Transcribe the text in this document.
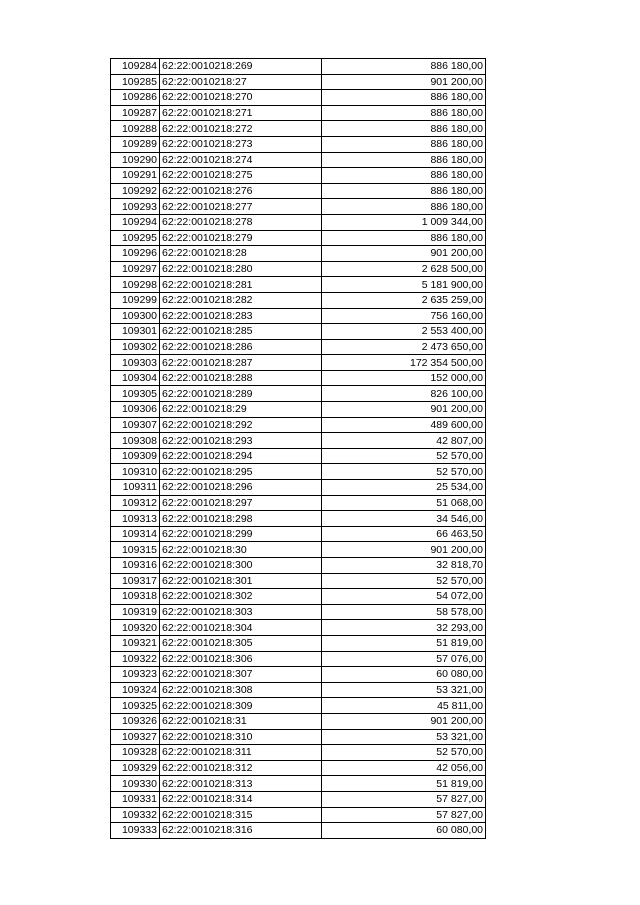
109284	62:22:0010218:269	886 180,00
109285	62:22:0010218:27	901 200,00
109286	62:22:0010218:270	886 180,00
109287	62:22:0010218:271	886 180,00
109288	62:22:0010218:272	886 180,00
109289	62:22:0010218:273	886 180,00
109290	62:22:0010218:274	886 180,00
109291	62:22:0010218:275	886 180,00
109292	62:22:0010218:276	886 180,00
109293	62:22:0010218:277	886 180,00
109294	62:22:0010218:278	1 009 344,00
109295	62:22:0010218:279	886 180,00
109296	62:22:0010218:28	901 200,00
109297	62:22:0010218:280	2 628 500,00
109298	62:22:0010218:281	5 181 900,00
109299	62:22:0010218:282	2 635 259,00
109300	62:22:0010218:283	756 160,00
109301	62:22:0010218:285	2 553 400,00
109302	62:22:0010218:286	2 473 650,00
109303	62:22:0010218:287	172 354 500,00
109304	62:22:0010218:288	152 000,00
109305	62:22:0010218:289	826 100,00
109306	62:22:0010218:29	901 200,00
109307	62:22:0010218:292	489 600,00
109308	62:22:0010218:293	42 807,00
109309	62:22:0010218:294	52 570,00
109310	62:22:0010218:295	52 570,00
109311	62:22:0010218:296	25 534,00
109312	62:22:0010218:297	51 068,00
109313	62:22:0010218:298	34 546,00
109314	62:22:0010218:299	66 463,50
109315	62:22:0010218:30	901 200,00
109316	62:22:0010218:300	32 818,70
109317	62:22:0010218:301	52 570,00
109318	62:22:0010218:302	54 072,00
109319	62:22:0010218:303	58 578,00
109320	62:22:0010218:304	32 293,00
109321	62:22:0010218:305	51 819,00
109322	62:22:0010218:306	57 076,00
109323	62:22:0010218:307	60 080,00
109324	62:22:0010218:308	53 321,00
109325	62:22:0010218:309	45 811,00
109326	62:22:0010218:31	901 200,00
109327	62:22:0010218:310	53 321,00
109328	62:22:0010218:311	52 570,00
109329	62:22:0010218:312	42 056,00
109330	62:22:0010218:313	51 819,00
109331	62:22:0010218:314	57 827,00
109332	62:22:0010218:315	57 827,00
109333	62:22:0010218:316	60 080,00
